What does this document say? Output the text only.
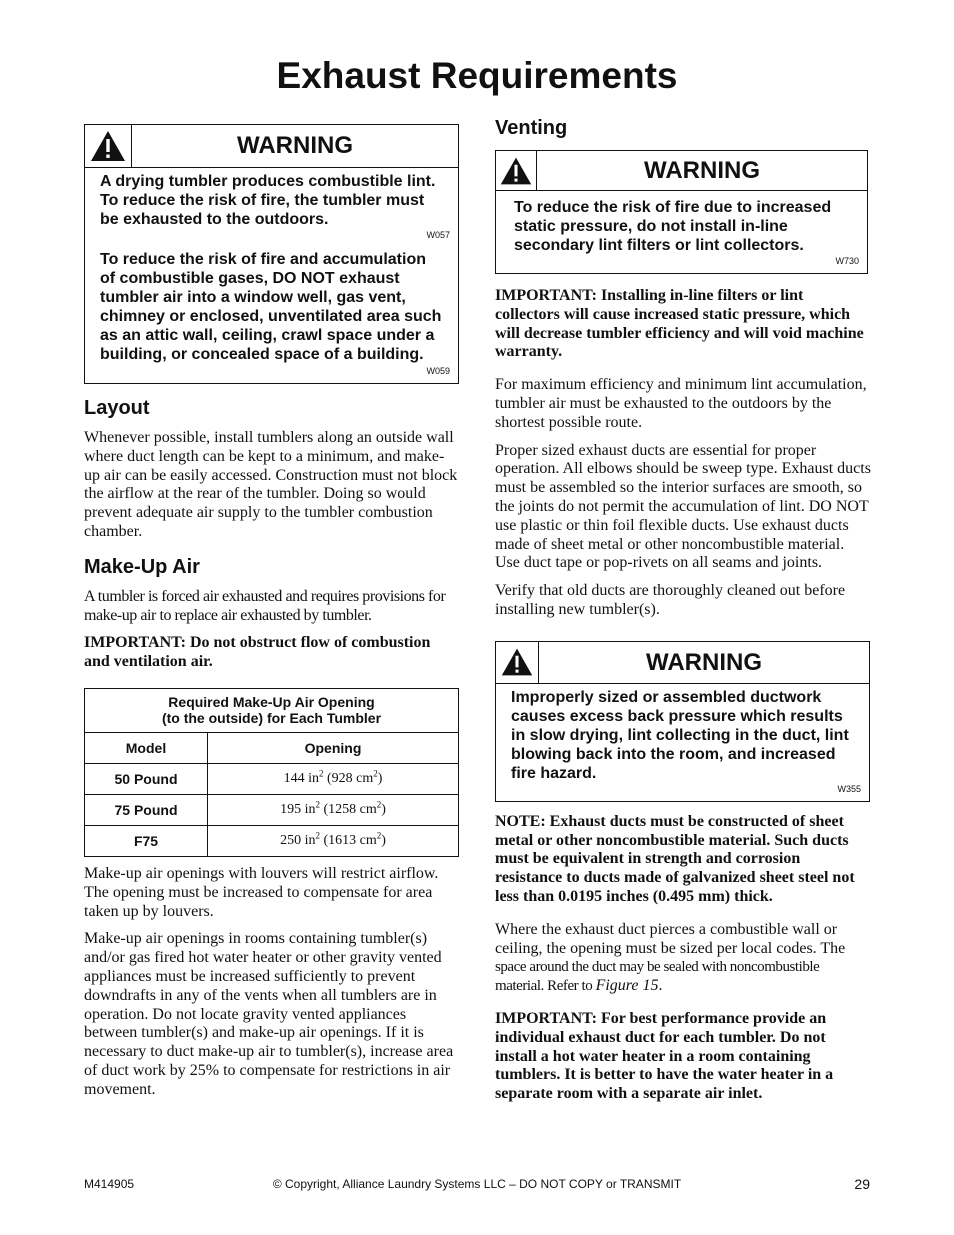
Exhaust Requirements
WARNING

A drying tumbler produces combustible lint. To reduce the risk of fire, the tumbler must be exhausted to the outdoors.

W057

To reduce the risk of fire and accumulation of combustible gases, DO NOT exhaust tumbler air into a window well, gas vent, chimney or enclosed, unventilated area such as an attic wall, ceiling, crawl space under a building, or concealed space of a building.

W059
Layout

Whenever possible, install tumblers along an outside wall where duct length can be kept to a minimum, and make-up air can be easily accessed. Construction must not block the airflow at the rear of the tumbler. Doing so would prevent adequate air supply to the tumbler combustion chamber.

Make-Up Air

A tumbler is forced air exhausted and requires provisions for make-up air to replace air exhausted by tumbler.

IMPORTANT: Do not obstruct flow of combustion and ventilation air.

Required Make-Up Air Opening
(to the outside) for Each Tumbler	

Model	Opening
50 Pound	144 $in^2$ (928 $cm^2$)
75 Pound	195 $in^2$ (1258 $cm^2$)
F75	250 $in^2$ (1613 $cm^2$)

Make-up air openings with louvers will restrict airflow. The opening must be increased to compensate for area taken up by louvers.

Make-up air openings in rooms containing tumbler(s) and/or gas fired hot water heater or other gravity vented appliances must be increased sufficiently to prevent downdrafts in any of the vents when all tumblers are in operation. Do not locate gravity vented appliances between tumbler(s) and make-up air openings. If it is necessary to duct make-up air to tumbler(s), increase area of duct work by 25% to compensate for restrictions in air movement.

Venting
WARNING

To reduce the risk of fire due to increased static pressure, do not install in-line secondary lint filters or lint collectors.

W730

IMPORTANT: Installing in-line filters or lint collectors will cause increased static pressure, which will decrease tumbler efficiency and will void machine warranty.

For maximum efficiency and minimum lint accumulation, tumbler air must be exhausted to the outdoors by the shortest possible route.

Proper sized exhaust ducts are essential for proper operation. All elbows should be sweep type. Exhaust ducts must be assembled so the interior surfaces are smooth, so the joints do not permit the accumulation of lint. DO NOT use plastic or thin foil flexible ducts. Use exhaust ducts made of sheet metal or other noncombustible material. Use duct tape or pop-rivets on all seams and joints.

Verify that old ducts are thoroughly cleaned out before installing new tumbler(s).

WARNING

Improperly sized or assembled ductwork causes excess back pressure which results in slow drying, lint collecting in the duct, lint blowing back into the room, and increased fire hazard.

W355

NOTE: Exhaust ducts must be constructed of sheet metal or other noncombustible material. Such ducts must be equivalent in strength and corrosion resistance to ducts made of galvanized sheet steel not less than 0.0195 inches (0.495 mm) thick.

Where the exhaust duct pierces a combustible wall or ceiling, the opening must be sized per local codes. The space around the duct may be sealed with noncombustible material. Refer to Figure 15.

IMPORTANT: For best performance provide an individual exhaust duct for each tumbler. Do not install a hot water heater in a room containing tumblers. It is better to have the water heater in a separate room with a separate air inlet.

M414905	© Copyright, Alliance Laundry Systems LLC – DO NOT COPY or TRANSMIT	29
